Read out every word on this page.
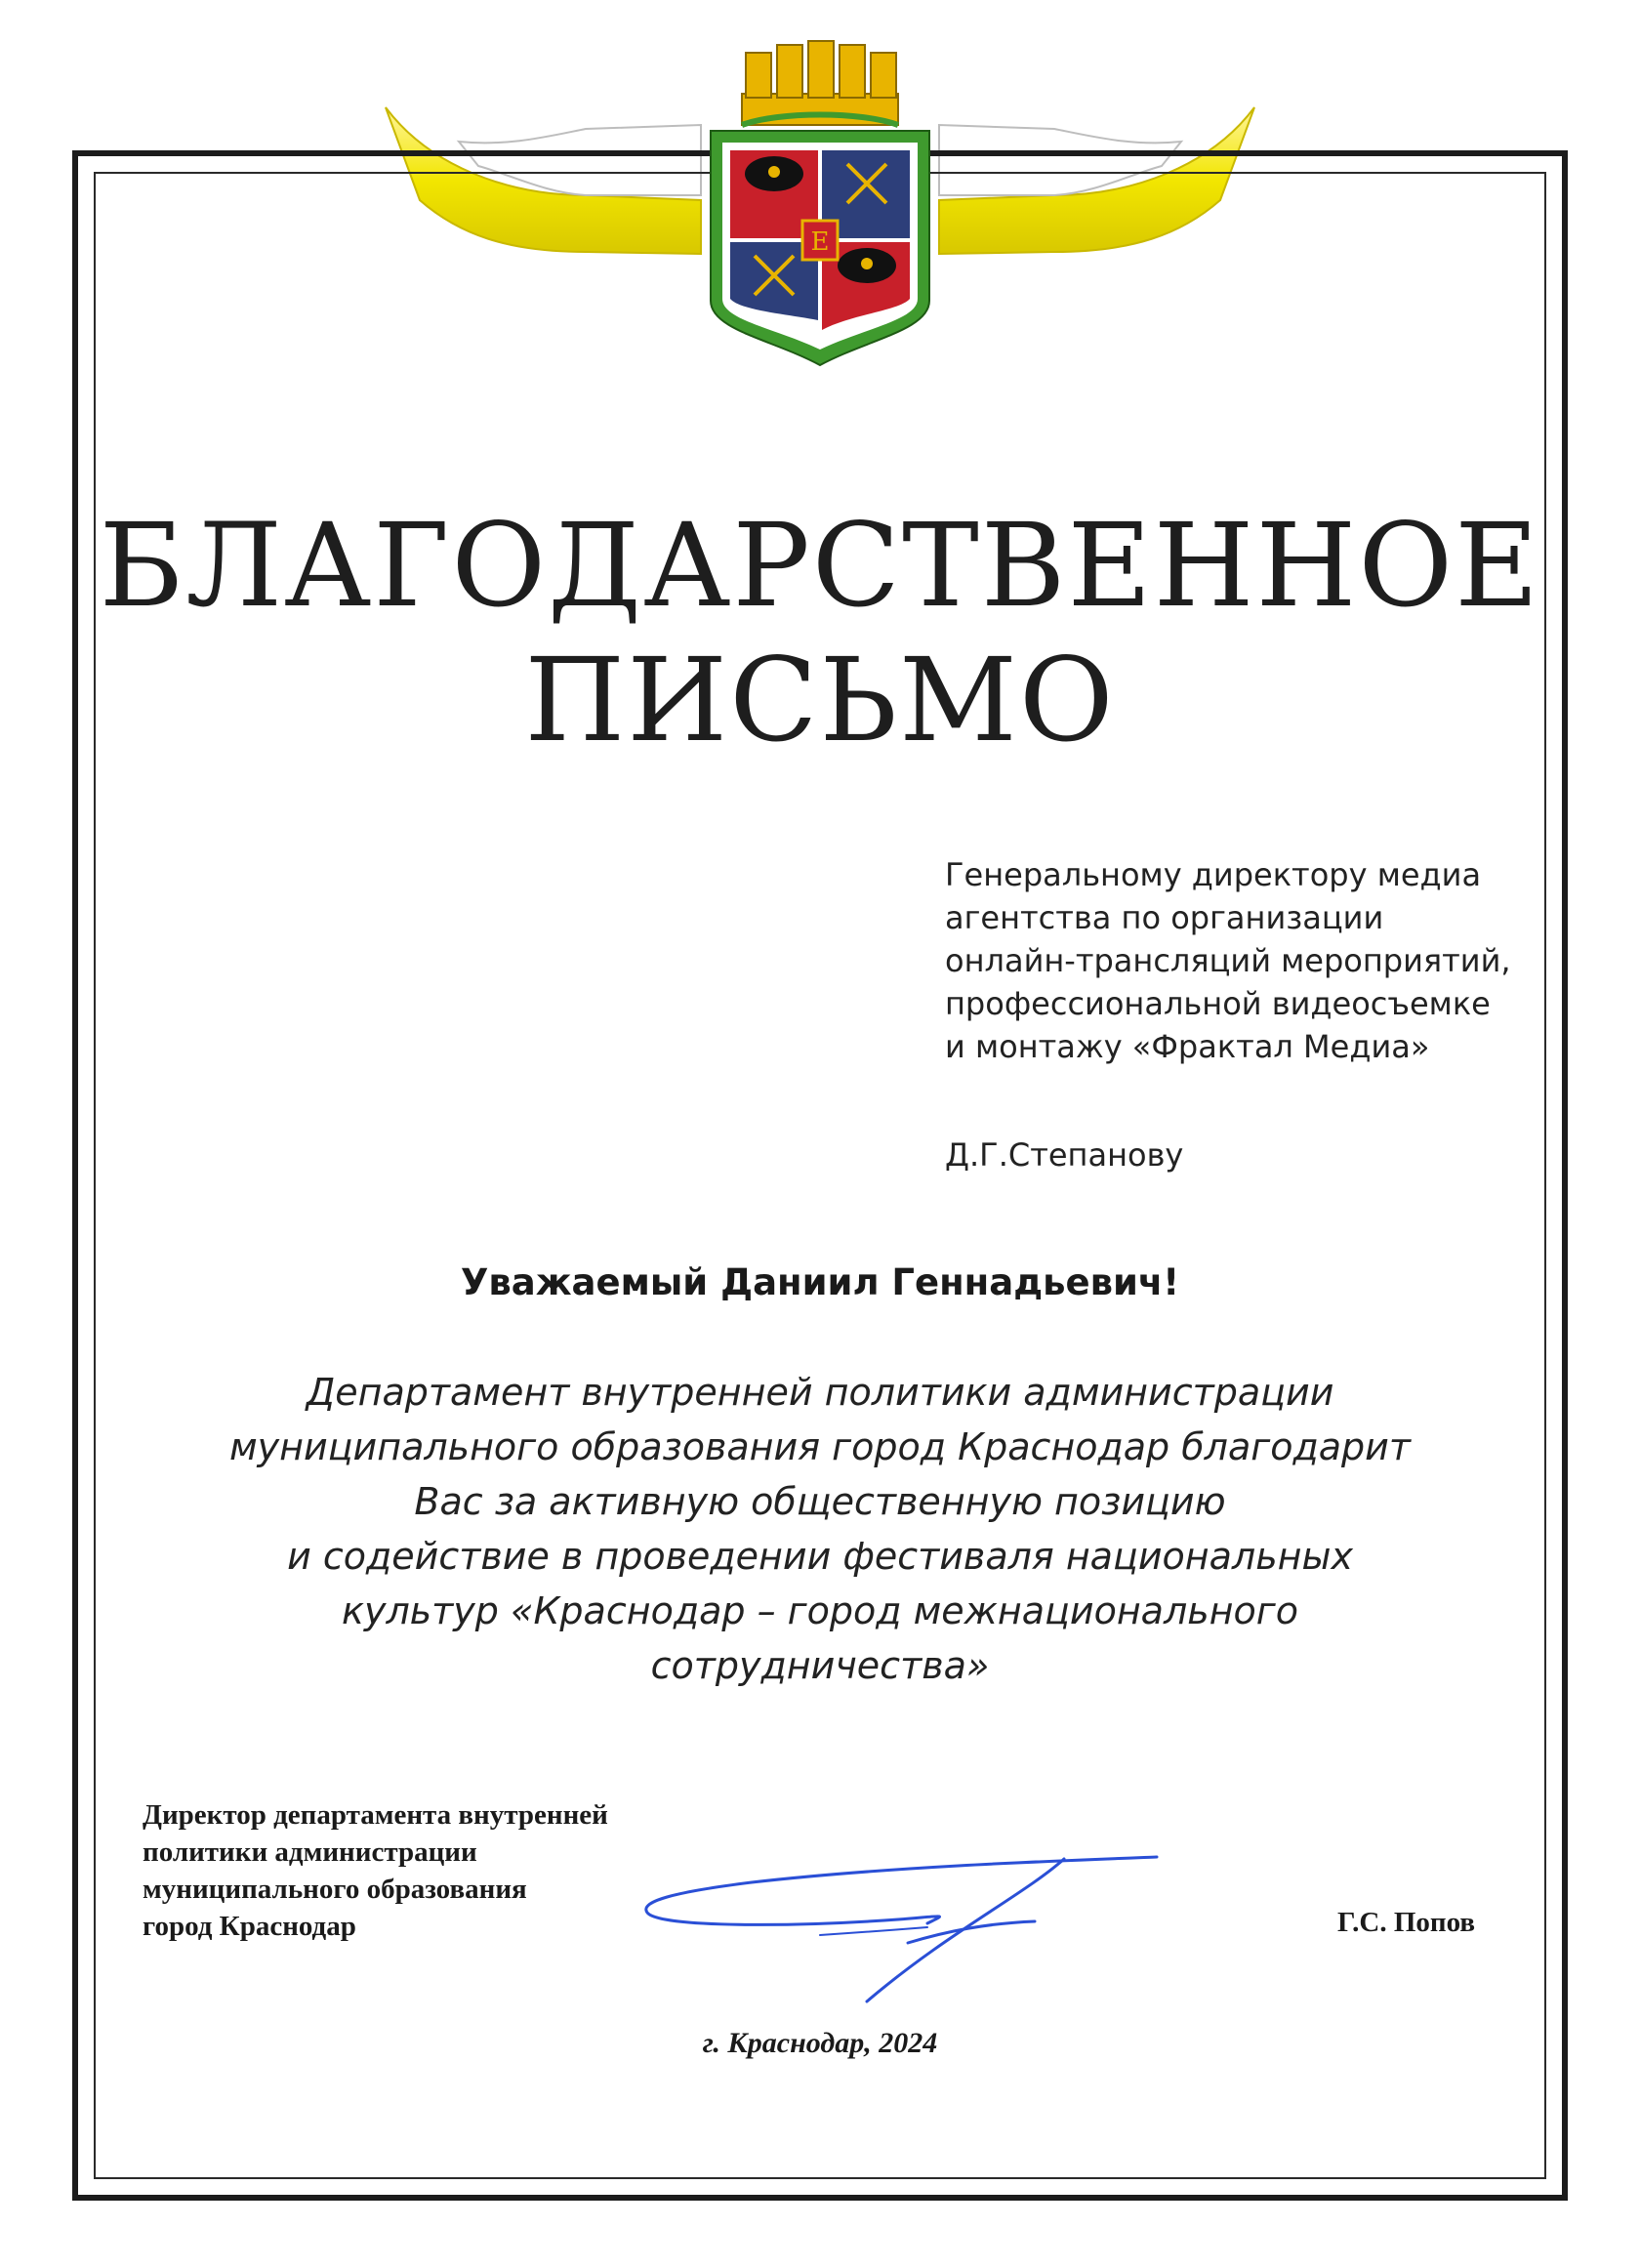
Е
БЛАГОДАРСТВЕННОЕ
ПИСЬМО
Генеральному директору медиа
агентства по организации
онлайн-трансляций мероприятий,
профессиональной видеосъемке
и монтажу «Фрактал Медиа»
Д.Г.Степанову
Уважаемый Даниил Геннадьевич!
Департамент внутренней политики администрации
муниципального образования город Краснодар благодарит
Вас за активную общественную позицию
и содействие в проведении фестиваля национальных
культур «Краснодар – город межнационального
сотрудничества»
Директор департамента внутренней
политики администрации
муниципального образования
город Краснодар	Г.С. Попов
г. Краснодар, 2024
